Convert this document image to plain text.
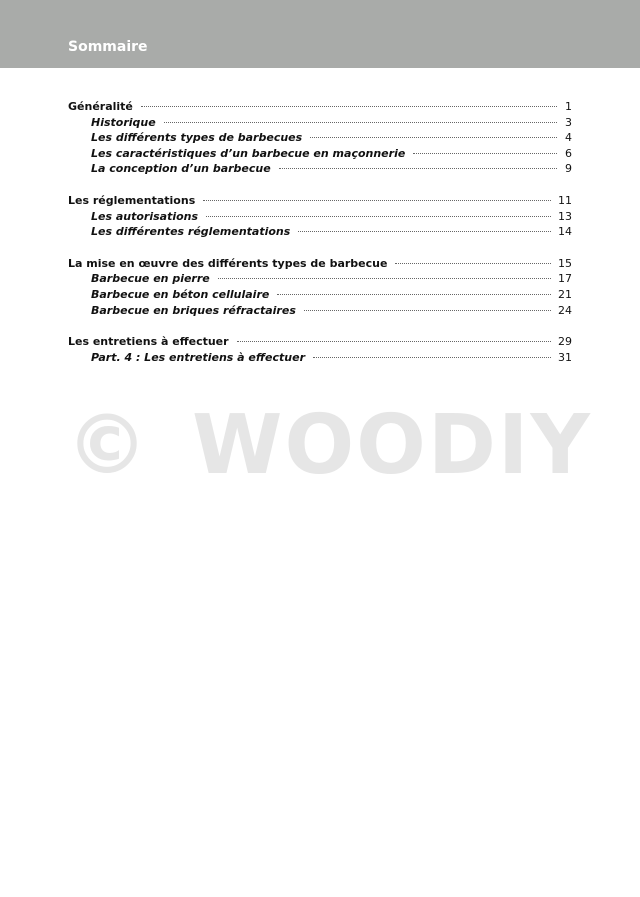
Sommaire
Généralité	1
Historique	3
Les différents types de barbecues	4
Les caractéristiques d’un barbecue en maçonnerie	6
La conception d’un barbecue	9
Les réglementations	11
Les autorisations	13
Les différentes réglementations	14
La mise en œuvre des différents types de barbecue	15
Barbecue en pierre	17
Barbecue en béton cellulaire	21
Barbecue en briques réfractaires	24
Les entretiens à effectuer	29
Part. 4 : Les entretiens à effectuer	31
© WOODIY
